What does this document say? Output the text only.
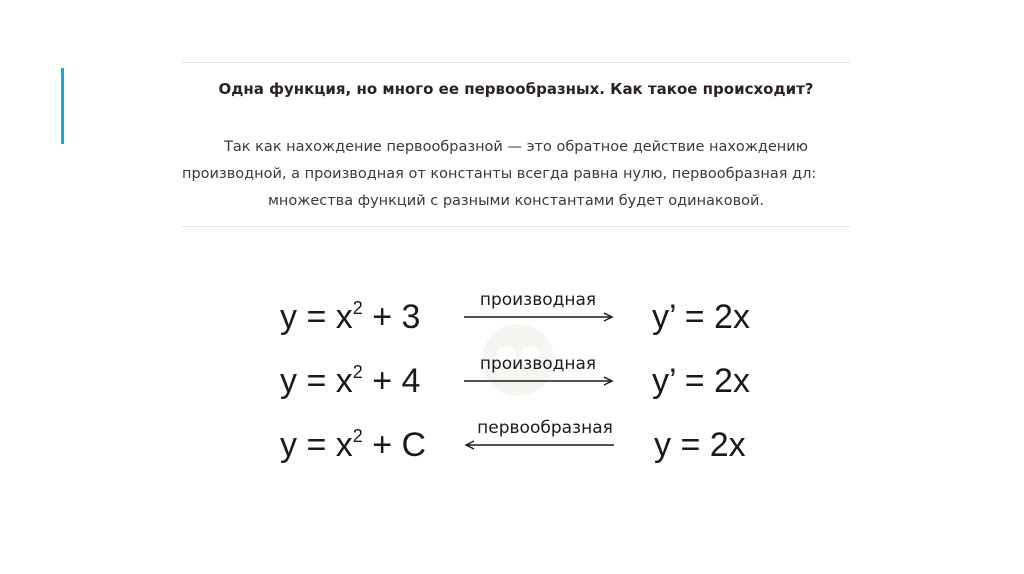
Одна функция, но много ее первообразных. Как такое происходит?
Так как нахождение первообразной — это обратное действие нахождению
производной, а производная от константы всегда равна нулю, первообразная дл:
множества функций с разными константами будет одинаковой.
$y = x^2 + 3$	производная	y’ = 2x
$y = x^2 + 4$	производная	y’ = 2x
$y = x^2 + C$	первообразная	y = 2x
